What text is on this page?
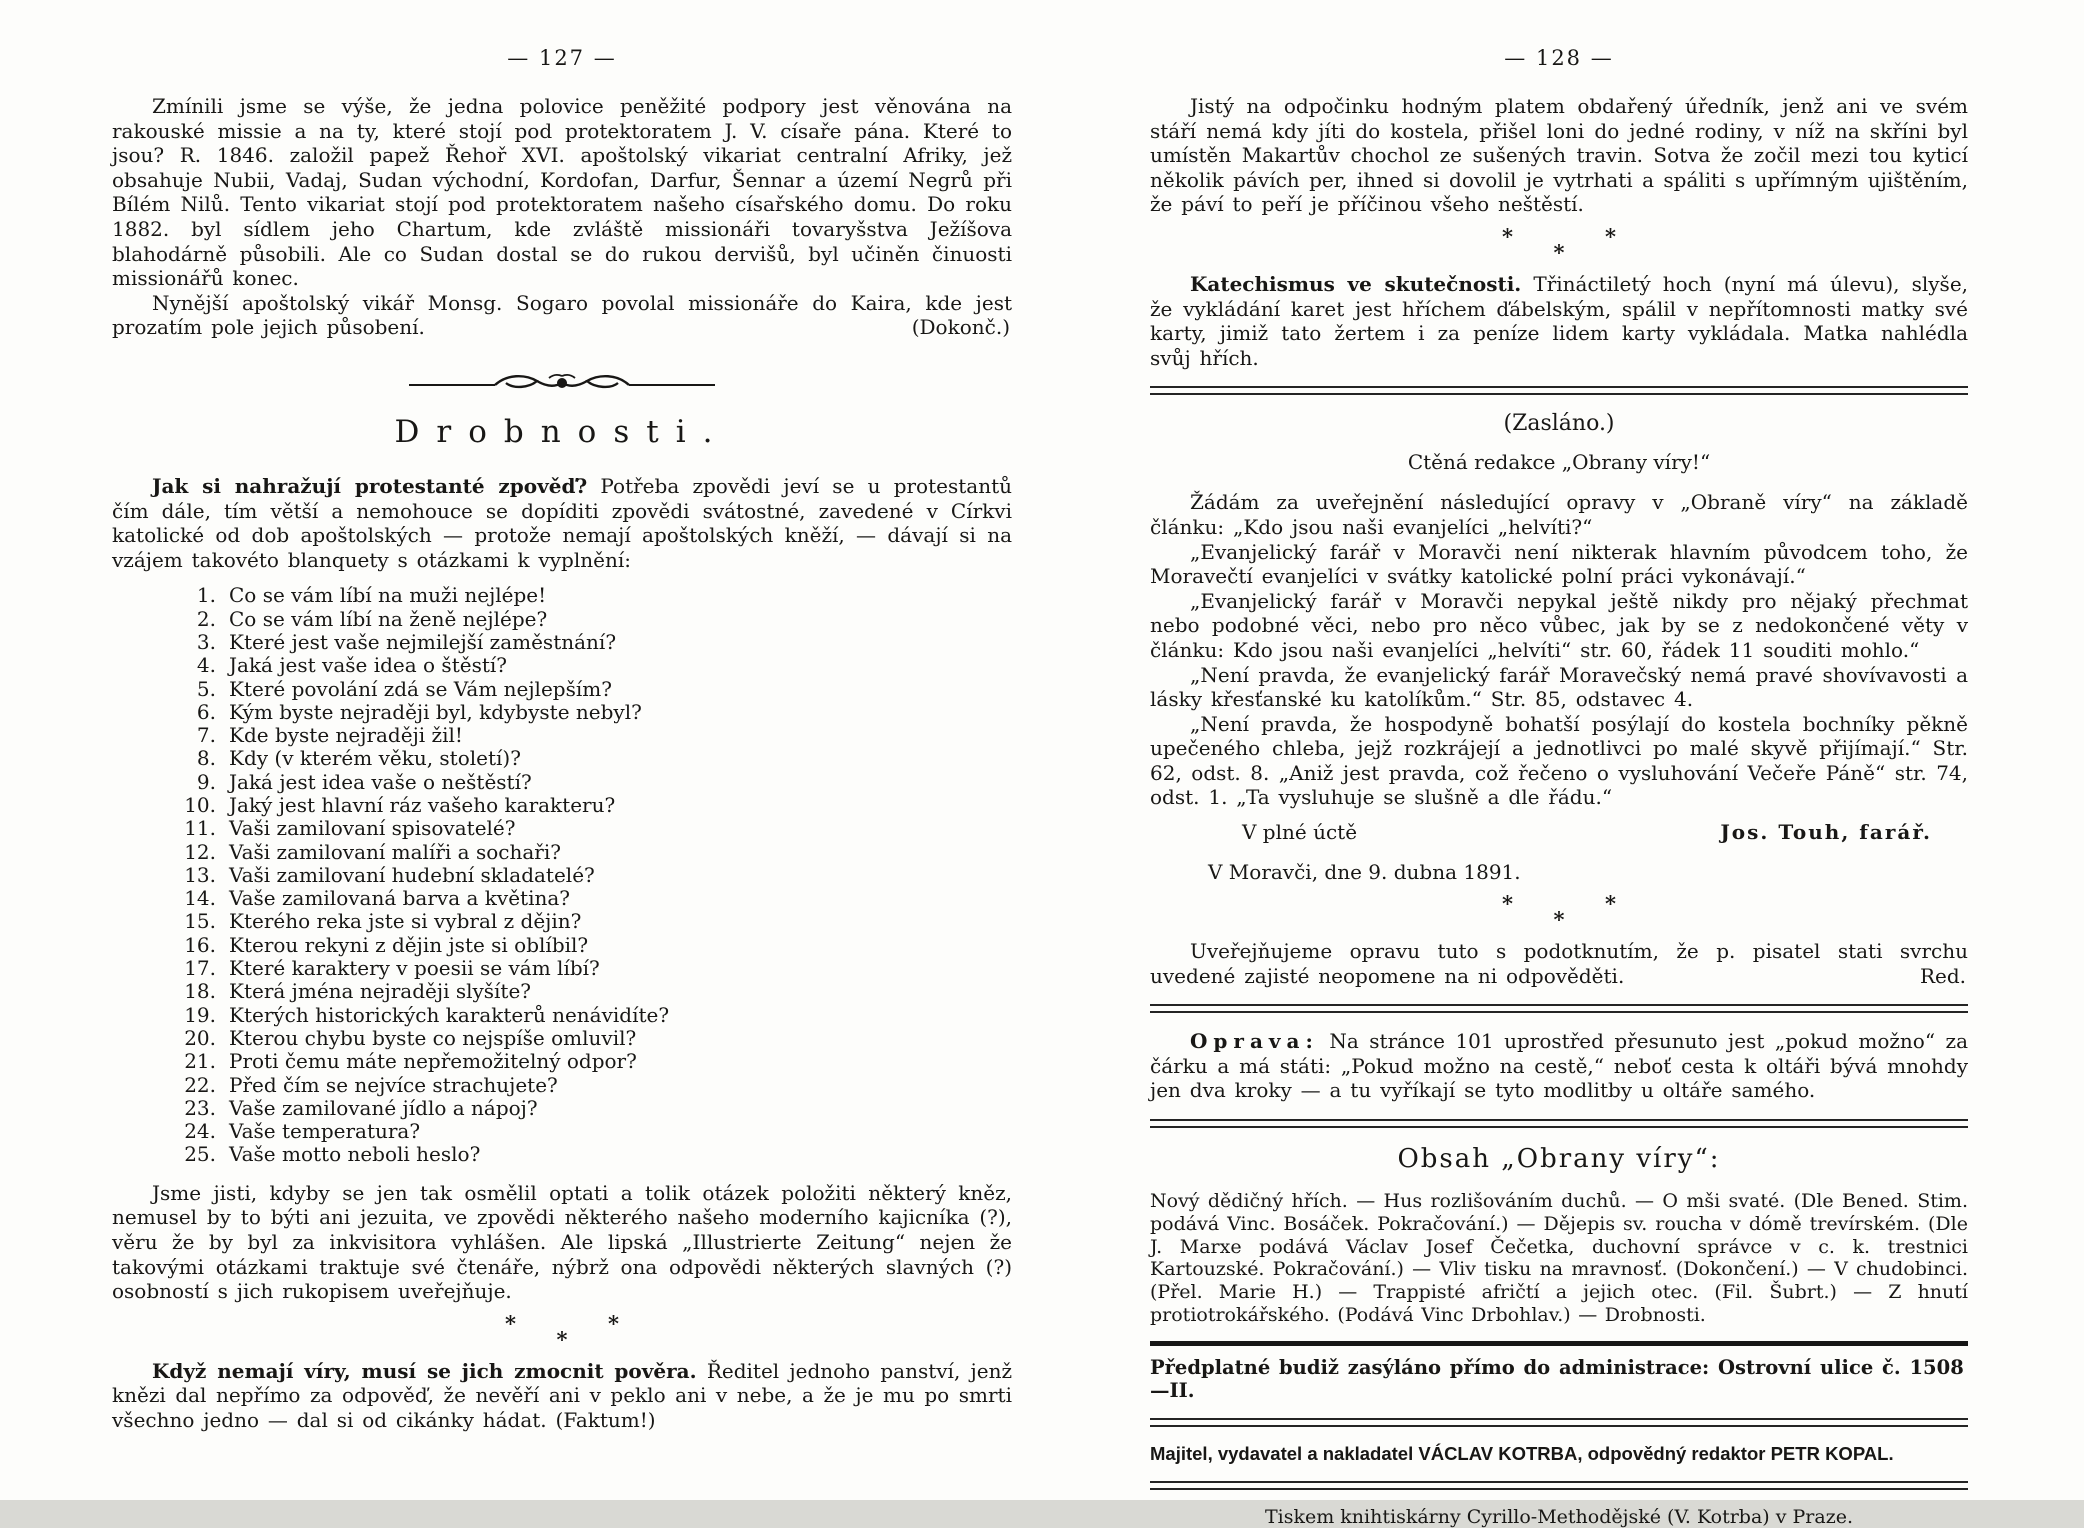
— 127 —

Zmínili jsme se výše, že jedna polovice peněžité podpory jest věnována na rakouské missie a na ty, které stojí pod protektoratem J. V. císaře pána. Které to jsou? R. 1846. založil papež Řehoř XVI. apoštolský vikariat centralní Afriky, jež obsahuje Nubii, Vadaj, Sudan východní, Kordofan, Darfur, Šennar a území Negrů při Bílém Nilů. Tento vikariat stojí pod protektoratem našeho císařského domu. Do roku 1882. byl sídlem jeho Chartum, kde zvláště missionáři tovaryšstva Ježíšova blahodárně působili. Ale co Sudan dostal se do rukou dervišů, byl učiněn činuosti missionářů konec.

Nynější apoštolský vikář Monsg. Sogaro povolal missionáře do Kaira, kde jest prozatím pole jejich působení.	(Dokonč.)

Drobnosti.

Jak si nahražují protestanté zpověď? Potřeba zpovědi jeví se u protestantů čím dále, tím větší a nemohouce se dopíditi zpovědi svátostné, zavedené v Církvi katolické od dob apoštolských — protože nemají apoštolských kněží, — dávají si na vzájem takovéto blanquety s otázkami k vyplnění:

1. Co se vám líbí na muži nejlépe!
2. Co se vám líbí na ženě nejlépe?
3. Které jest vaše nejmilejší zaměstnání?
4. Jaká jest vaše idea o štěstí?
5. Které povolání zdá se Vám nejlepším?
6. Kým byste nejraději byl, kdybyste nebyl?
7. Kde byste nejraději žil!
8. Kdy (v kterém věku, století)?
9. Jaká jest idea vaše o neštěstí?
10. Jaký jest hlavní ráz vašeho karakteru?
11. Vaši zamilovaní spisovatelé?
12. Vaši zamilovaní malíři a sochaři?
13. Vaši zamilovaní hudební skladatelé?
14. Vaše zamilovaná barva a květina?
15. Kterého reka jste si vybral z dějin?
16. Kterou rekyni z dějin jste si oblíbil?
17. Které karaktery v poesii se vám líbí?
18. Která jména nejraději slyšíte?
19. Kterých historických karakterů nenávidíte?
20. Kterou chybu byste co nejspíše omluvil?
21. Proti čemu máte nepřemožitelný odpor?
22. Před čím se nejvíce strachujete?
23. Vaše zamilované jídlo a nápoj?
24. Vaše temperatura?
25. Vaše motto neboli heslo?

Jsme jisti, kdyby se jen tak osmělil optati a tolik otázek položiti některý kněz, nemusel by to býti ani jezuita, ve zpovědi některého našeho moderního kajicníka (?), věru že by byl za inkvisitora vyhlášen. Ale lipská „Illustrierte Zeitung“ nejen že takovými otázkami traktuje své čtenáře, nýbrž ona odpovědi některých slavných (?) osobností s jich rukopisem uveřejňuje.

*	*
*

Když nemají víry, musí se jich zmocnit pověra. Ředitel jednoho panství, jenž knězi dal nepřímo za odpověď, že nevěří ani v peklo ani v nebe, a že je mu po smrti všechno jedno — dal si od cikánky hádat. (Faktum!)

— 128 —

Jistý na odpočinku hodným platem obdařený úředník, jenž ani ve svém stáří nemá kdy jíti do kostela, přišel loni do jedné rodiny, v níž na skříni byl umístěn Makartův chochol ze sušených travin. Sotva že zočil mezi tou kyticí několik pávích per, ihned si dovolil je vytrhati a spáliti s upřímným ujištěním, že páví to peří je příčinou všeho neštěstí.

*	*
*

Katechismus ve skutečnosti. Třináctiletý hoch (nyní má úlevu), slyše, že vykládání karet jest hříchem ďábelským, spálil v nepřítomnosti matky své karty, jimiž tato žertem i za peníze lidem karty vykládala. Matka nahlédla svůj hřích.

(Zasláno.)
Ctěná redakce „Obrany víry!“

Žádám za uveřejnění následující opravy v „Obraně víry“ na základě článku: „Kdo jsou naši evanjelíci „helvíti?“

„Evanjelický farář v Moravči není nikterak hlavním původcem toho, že Moravečtí evanjelíci v svátky katolické polní práci vykonávají.“

„Evanjelický farář v Moravči nepykal ještě nikdy pro nějaký přechmat nebo podobné věci, nebo pro něco vůbec, jak by se z nedokončené věty v článku: Kdo jsou naši evanjelíci „helvíti“ str. 60, řádek 11 souditi mohlo.“

„Není pravda, že evanjelický farář Moravečský nemá pravé shovívavosti a lásky křesťanské ku katolíkům.“ Str. 85, odstavec 4.

„Není pravda, že hospodyně bohatší posýlají do kostela bochníky pěkně upečeného chleba, jejž rozkrájejí a jednotlivci po malé skyvě přijímají.“ Str. 62, odst. 8. „Aniž jest pravda, což řečeno o vysluhování Večeře Páně“ str. 74, odst. 1. „Ta vysluhuje se slušně a dle řádu.“

V plné úctě	Jos. Touh, farář.
V Moravči, dne 9. dubna 1891.
*	*
*

Uveřejňujeme opravu tuto s podotknutím, že p. pisatel stati svrchu uvedené zajisté neopomene na ni odpověděti.	Red.

Oprava: Na stránce 101 uprostřed přesunuto jest „pokud možno“ za čárku a má státi: „Pokud možno na cestě,“ neboť cesta k oltáři bývá mnohdy jen dva kroky — a tu vyříkají se tyto modlitby u oltáře samého.

Obsah „Obrany víry“:

Nový dědičný hřích. — Hus rozlišováním duchů. — O mši svaté. (Dle Bened. Stim. podává Vinc. Bosáček. Pokračování.) — Dějepis sv. roucha v dómě trevírském. (Dle J. Marxe podává Václav Josef Čečetka, duchovní správce v c. k. trestnici Kartouzské. Pokračování.) — Vliv tisku na mravnosť. (Dokončení.) — V chudobinci. (Přel. Marie H.) — Trappisté afričtí a jejich otec. (Fil. Šubrt.) — Z hnutí protiotrokářského. (Podává Vinc Drbohlav.) — Drobnosti.

Předplatné budiž zasýláno přímo do administrace: Ostrovní ulice č. 1508—II.
Majitel, vydavatel a nakladatel VÁCLAV KOTRBA, odpovědný redaktor PETR KOPAL.
Tiskem knihtiskárny Cyrillo-Methodějské (V. Kotrba) v Praze.
